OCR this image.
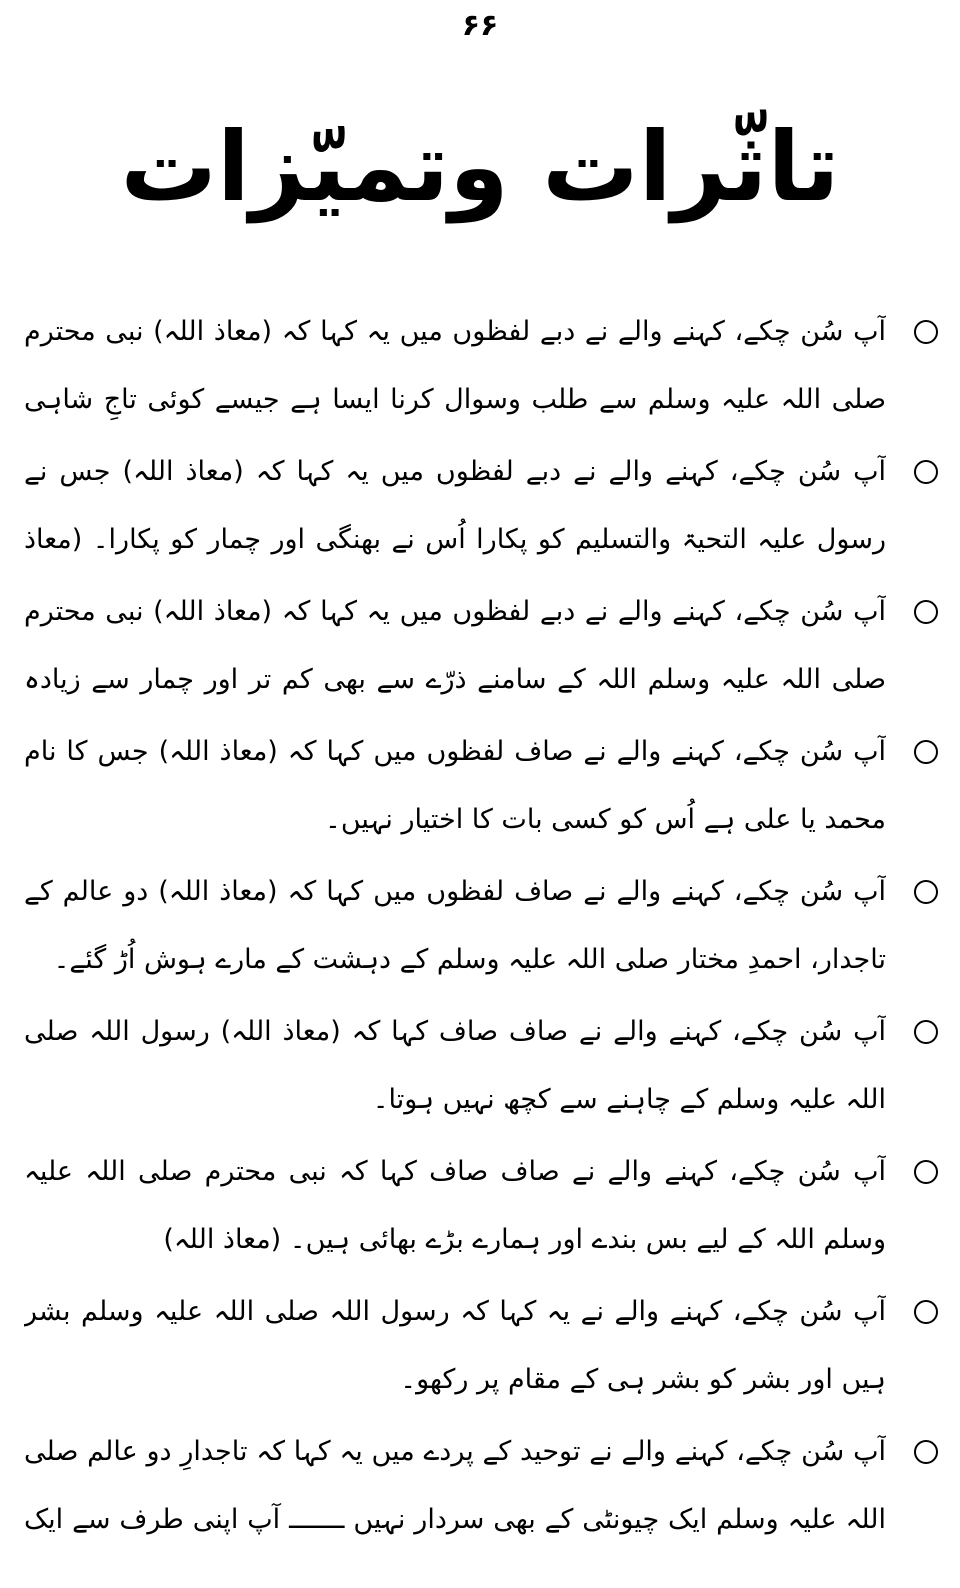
۶۶
تاثّرات وتمیّزات
آپ سُن چکے، کہنے والے نے دبے لفظوں میں یہ کہا کہ (معاذ اللہ) نبی محترم صلی اللہ علیہ وسلم سے طلب وسوال کرنا ایسا ہے جیسے کوئی تاجِ شاہی
آپ سُن چکے، کہنے والے نے دبے لفظوں میں یہ کہا کہ (معاذ اللہ) جس نے رسول علیہ التحیۃ والتسلیم کو پکارا اُس نے بھنگی اور چمار کو پکارا۔ (معاذ
آپ سُن چکے، کہنے والے نے دبے لفظوں میں یہ کہا کہ (معاذ اللہ) نبی محترم صلی اللہ علیہ وسلم اللہ کے سامنے ذرّے سے بھی کم تر اور چمار سے زیادہ
آپ سُن چکے، کہنے والے نے صاف لفظوں میں کہا کہ (معاذ اللہ) جس کا نام محمد یا علی ہے اُس کو کسی بات کا اختیار نہیں۔
آپ سُن چکے، کہنے والے نے صاف لفظوں میں کہا کہ (معاذ اللہ) دو عالم کے تاجدار، احمدِ مختار صلی اللہ علیہ وسلم کے دہشت کے مارے ہوش اُڑ گئے۔
آپ سُن چکے، کہنے والے نے صاف صاف کہا کہ (معاذ اللہ) رسول اللہ صلی اللہ علیہ وسلم کے چاہنے سے کچھ نہیں ہوتا۔
آپ سُن چکے، کہنے والے نے صاف صاف کہا کہ نبی محترم صلی اللہ علیہ وسلم اللہ کے لیے بس بندے اور ہمارے بڑے بھائی ہیں۔ (معاذ اللہ)
آپ سُن چکے، کہنے والے نے یہ کہا کہ رسول اللہ صلی اللہ علیہ وسلم بشر ہیں اور بشر کو بشر ہی کے مقام پر رکھو۔
آپ سُن چکے، کہنے والے نے توحید کے پردے میں یہ کہا کہ تاجدارِ دو عالم صلی اللہ علیہ وسلم ایک چیونٹی کے بھی سردار نہیں ـــــــ آپ اپنی طرف سے ایک
